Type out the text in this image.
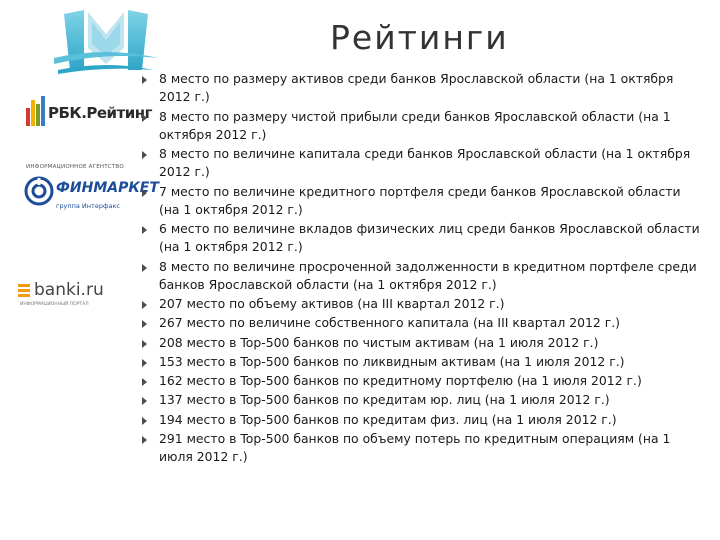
Рейтинги
РБК.Рейтинг
ИНФОРМАЦИОННОЕ АГЕНТСТВО
ФИНМАРКЕТ
группа Интерфакс
banki.ru
ИНФОРМАЦИОННЫЙ ПОРТАЛ
8 место по размеру активов среди банков Ярославской области (на 1 октября 2012 г.)
8 место по размеру чистой прибыли среди банков Ярославской области (на 1 октября 2012 г.)
8 место по величине капитала среди банков Ярославской области (на 1 октября 2012 г.)
7 место по величине кредитного портфеля среди банков Ярославской области (на 1 октября 2012 г.)
6 место по величине вкладов физических лиц среди банков Ярославской области (на 1 октября 2012 г.)
8 место по величине просроченной задолженности в кредитном портфеле среди банков Ярославской области (на 1 октября 2012 г.)
207 место по объему активов (на III квартал 2012 г.)
267 место по величине собственного капитала (на III квартал 2012 г.)
208 место в Top-500 банков по чистым активам (на 1 июля 2012 г.)
153 место в Top-500 банков по ликвидным активам (на 1 июля 2012 г.)
162 место в Top-500 банков по кредитному портфелю (на 1 июля 2012 г.)
137 место в Top-500 банков по кредитам юр. лиц (на 1 июля 2012 г.)
194 место в Top-500 банков по кредитам физ. лиц (на 1 июля 2012 г.)
291 место в Top-500 банков по объему потерь по кредитным операциям (на 1 июля 2012 г.)
